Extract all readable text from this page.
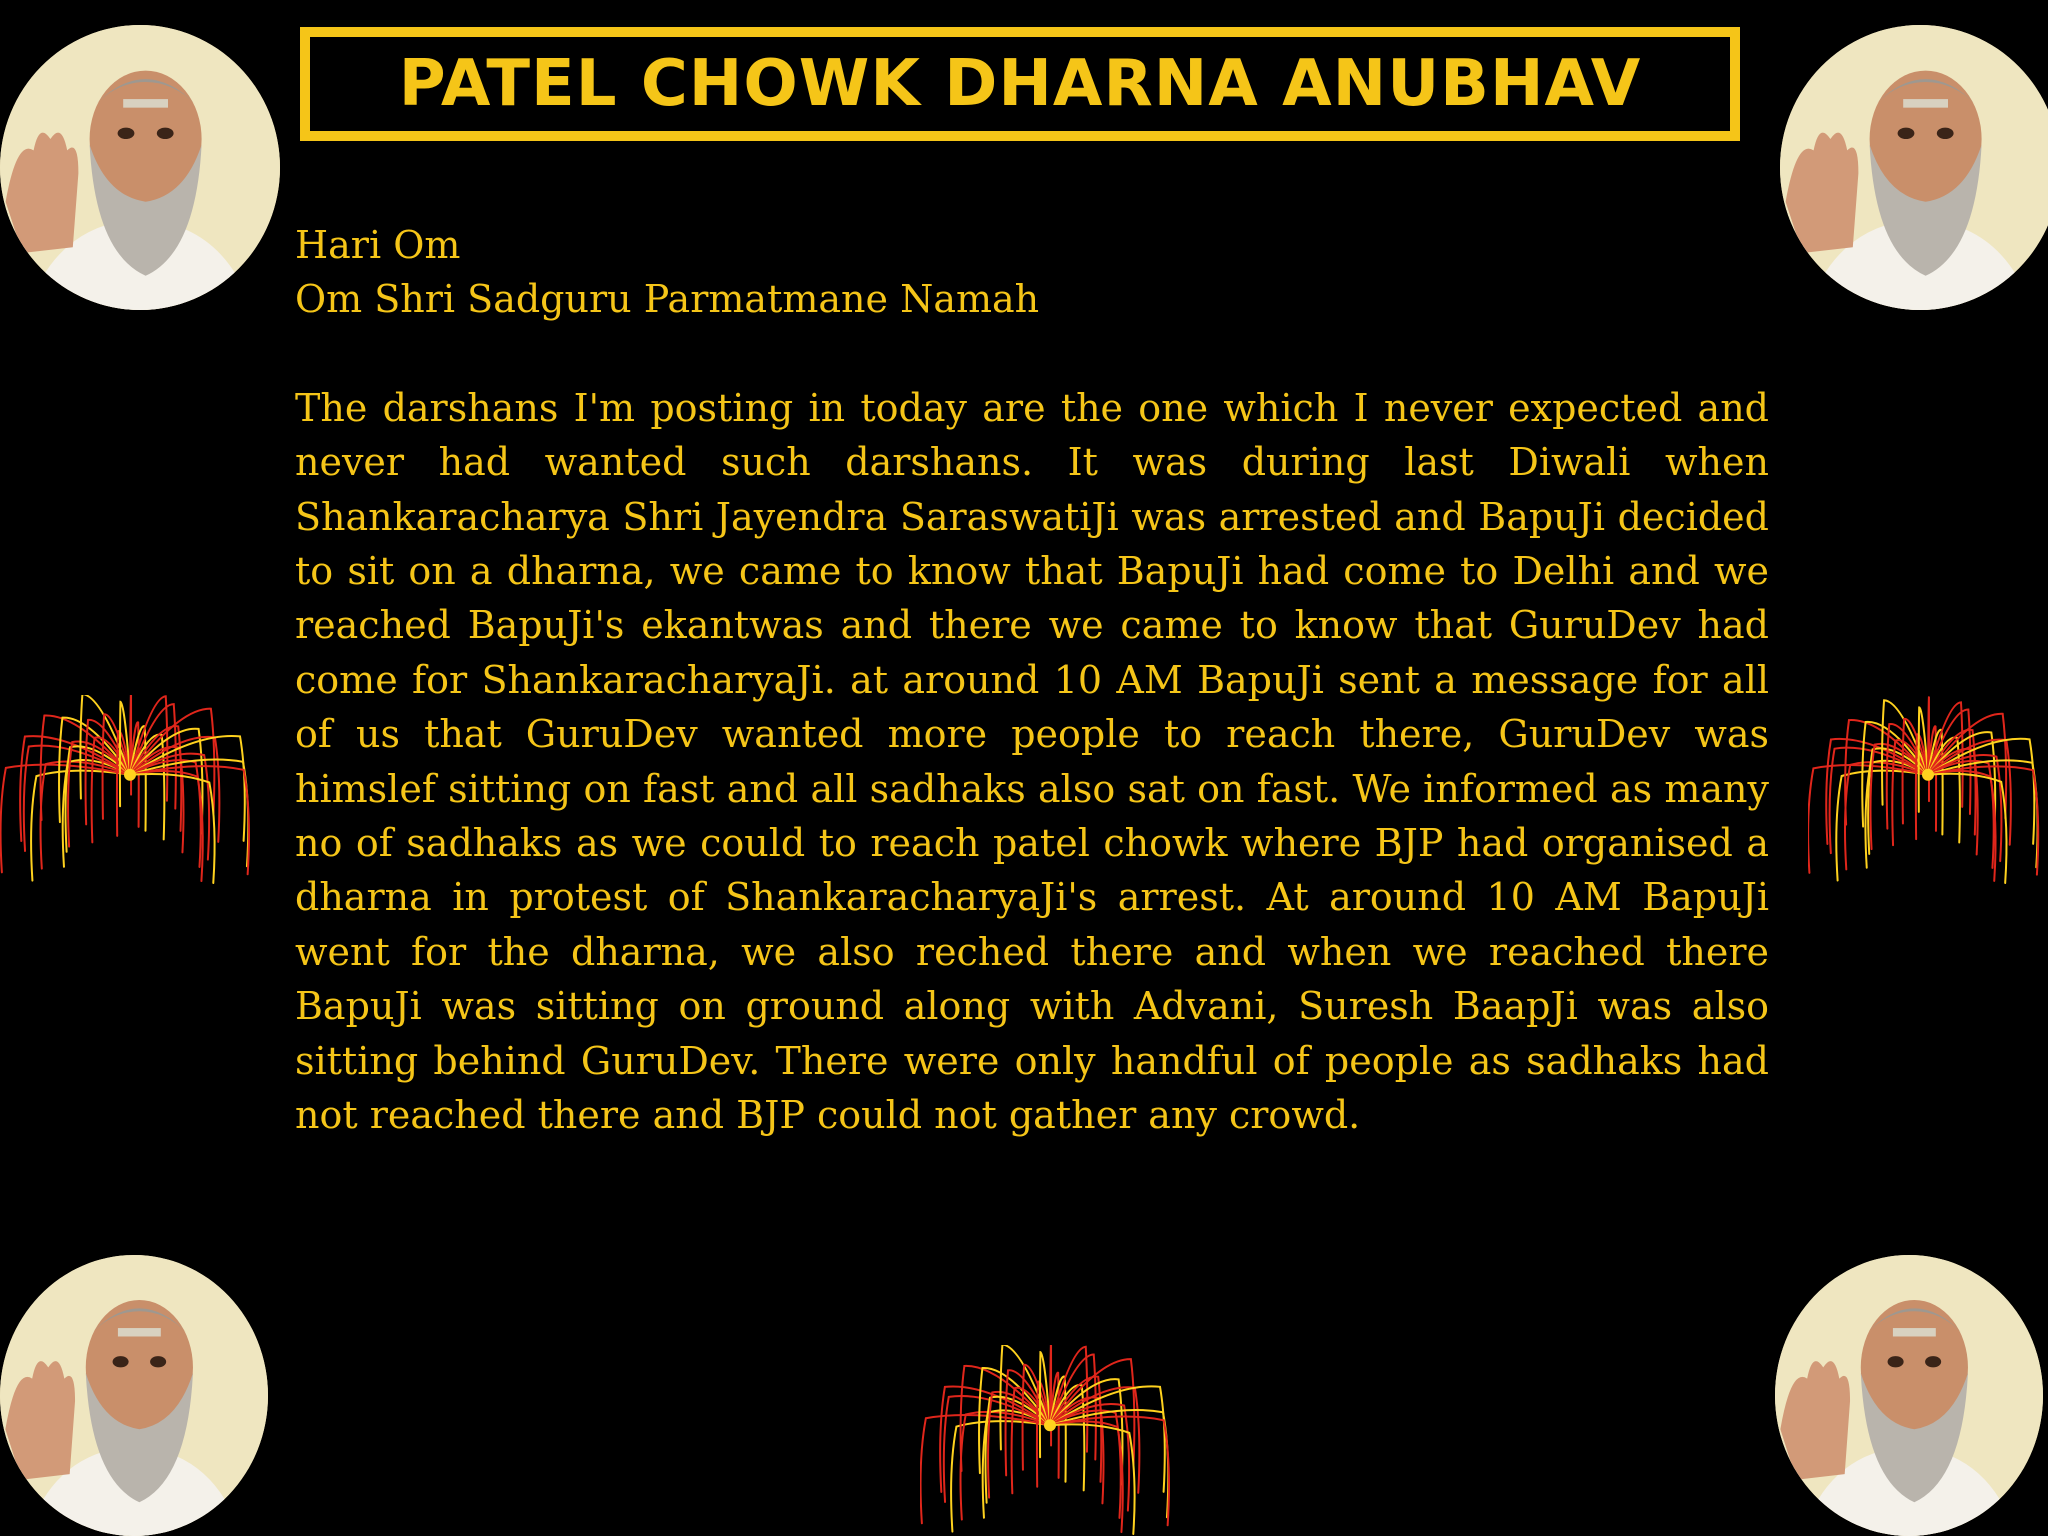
PATEL CHOWK DHARNA ANUBHAV
Hari Om
Om Shri Sadguru Parmatmane Namah
The darshans I'm posting in today are the one which I never expected and never had wanted such darshans. It was during last Diwali when Shankaracharya Shri Jayendra SaraswatiJi was arrested and BapuJi decided to sit on a dharna, we came to know that BapuJi had come to Delhi and we reached BapuJi's ekantwas and there we came to know that GuruDev had come for ShankaracharyaJi. at around 10 AM BapuJi sent a message for all of us that GuruDev wanted more people to reach there, GuruDev was himslef sitting on fast and all sadhaks also sat on fast. We informed as many no of sadhaks as we could to reach patel chowk where BJP had organised a dharna in protest of ShankaracharyaJi's arrest. At around 10 AM BapuJi went for the dharna, we also reched there and when we reached there BapuJi was sitting on ground along with Advani, Suresh BaapJi was also sitting behind GuruDev. There were only handful of people as sadhaks had not reached there and BJP could not gather any crowd.
